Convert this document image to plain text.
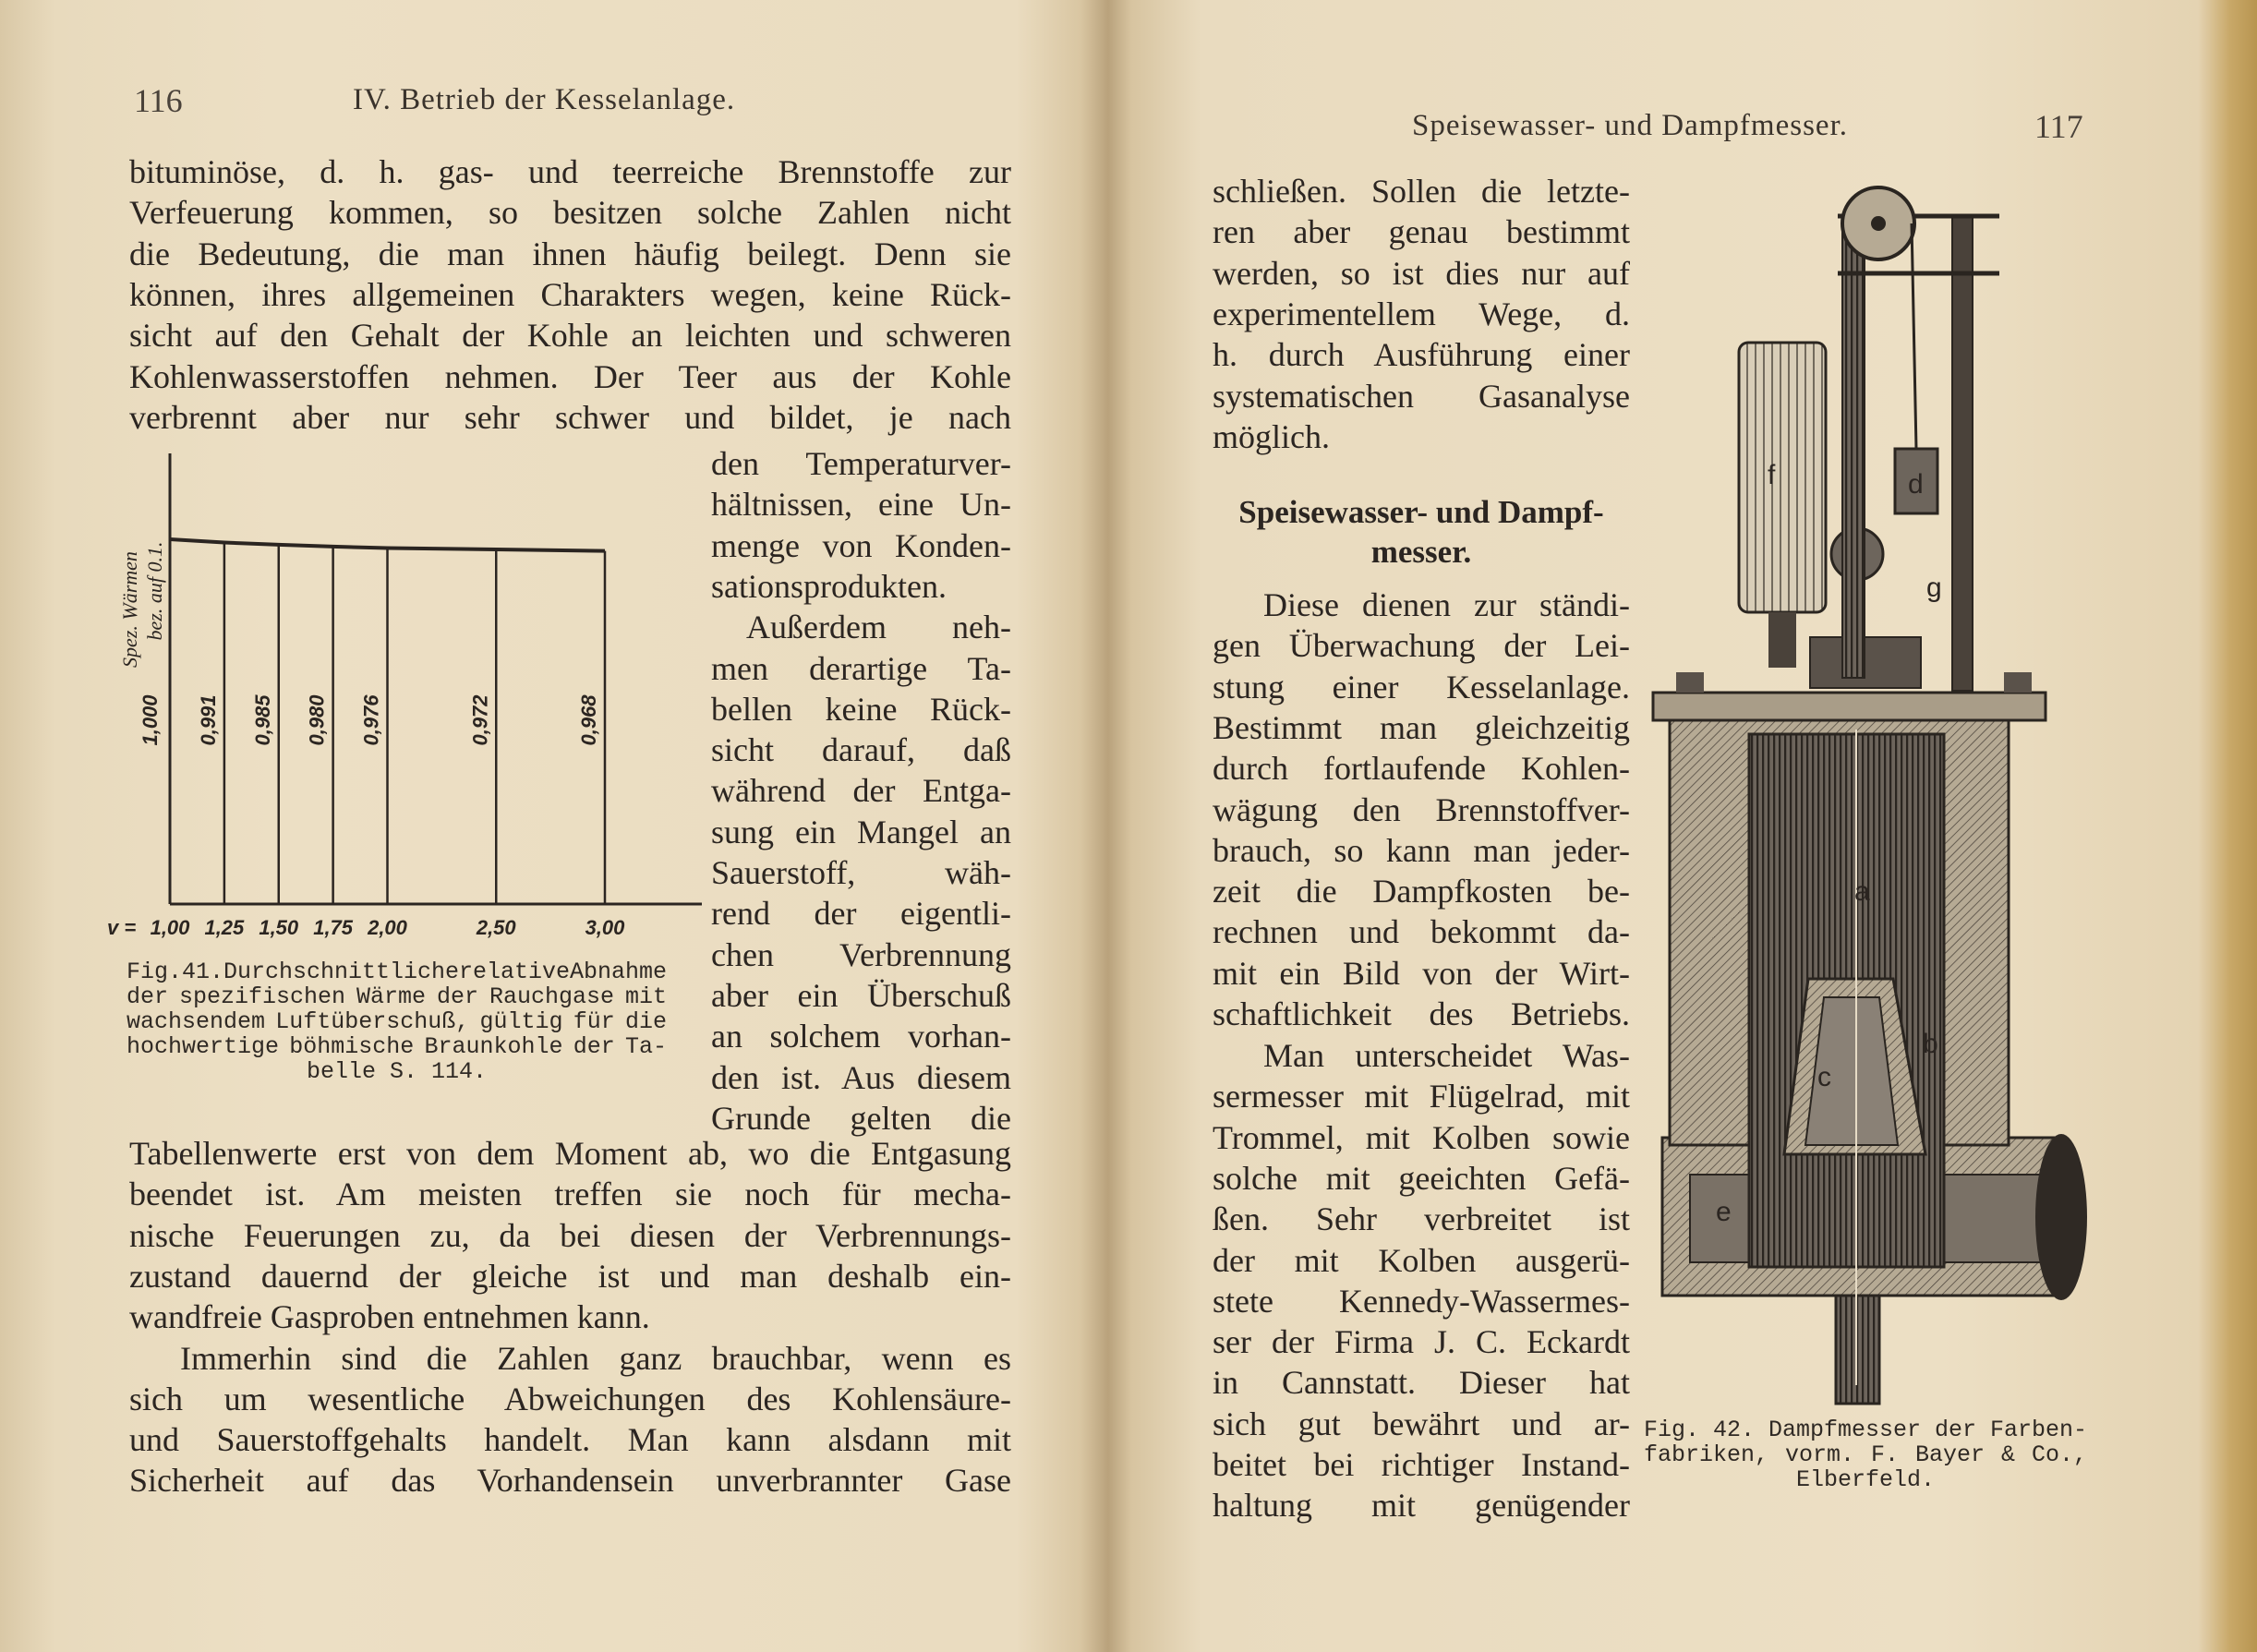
116	IV. Betrieb der Kesselanlage.
bituminöse, d. h. gas- und teerreiche Brennstoffe zur
Verfeuerung kommen, so besitzen solche Zahlen nicht
die Bedeutung, die man ihnen häufig beilegt. Denn sie
können, ihres allgemeinen Charakters wegen, keine Rück-
sicht auf den Gehalt der Kohle an leichten und schweren
Kohlenwasserstoffen nehmen. Der Teer aus der Kohle
verbrennt aber nur sehr schwer und bildet, je nach
den Temperaturver-
hältnissen, eine Un-
menge von Konden-
sationsprodukten.
Außerdem neh-
men derartige Ta-
bellen keine Rück-
sicht darauf, daß
während der Entga-
sung ein Mangel an
Sauerstoff, wäh-
rend der eigentli-
chen Verbrennung
aber ein Überschuß
an solchem vorhan-
den ist. Aus diesem
Grunde gelten die
Tabellenwerte erst von dem Moment ab, wo die Entgasung
beendet ist. Am meisten treffen sie noch für mecha-
nische Feuerungen zu, da bei diesen der Verbrennungs-
zustand dauernd der gleiche ist und man deshalb ein-
wandfreie Gasproben entnehmen kann.
Immerhin sind die Zahlen ganz brauchbar, wenn es
sich um wesentliche Abweichungen des Kohlensäure-
und Sauerstoffgehalts handelt. Man kann alsdann mit
Sicherheit auf das Vorhandensein unverbrannter Gase
1,00
1,000
1,25
0,991
1,50
0,985
1,75
0,980
2,00
0,976
2,50
0,972
3,00
0,968
v =
Spez. Wärmen bez. auf 0.1.
Fig. 41. Durchschnittliche relative Abnahme
der spezifischen Wärme der Rauchgase mit
wachsendem Luftüberschuß, gültig für die
hochwertige böhmische Braunkohle der Ta-
belle S. 114.
Speisewasser- und Dampfmesser.	117
schließen. Sollen die letzte-
ren aber genau bestimmt
werden, so ist dies nur auf
experimentellem Wege, d.
h. durch Ausführung einer
systematischen Gasanalyse
möglich.
Speisewasser- und Dampf-
messer.
Diese dienen zur ständi-
gen Überwachung der Lei-
stung einer Kesselanlage.
Bestimmt man gleichzeitig
durch fortlaufende Kohlen-
wägung den Brennstoffver-
brauch, so kann man jeder-
zeit die Dampfkosten be-
rechnen und bekommt da-
mit ein Bild von der Wirt-
schaftlichkeit des Betriebs.
Man unterscheidet Was-
sermesser mit Flügelrad, mit
Trommel, mit Kolben sowie
solche mit geeichten Gefä-
ßen. Sehr verbreitet ist
der mit Kolben ausgerü-
stete Kennedy-Wassermes-
ser der Firma J. C. Eckardt
in Cannstatt. Dieser hat
sich gut bewährt und ar-
beitet bei richtiger Instand-
haltung mit genügender
f	d
g
a
b
c
e
Fig. 42. Dampfmesser der Farben-
fabriken, vorm. F. Bayer & Co.,
Elberfeld.
